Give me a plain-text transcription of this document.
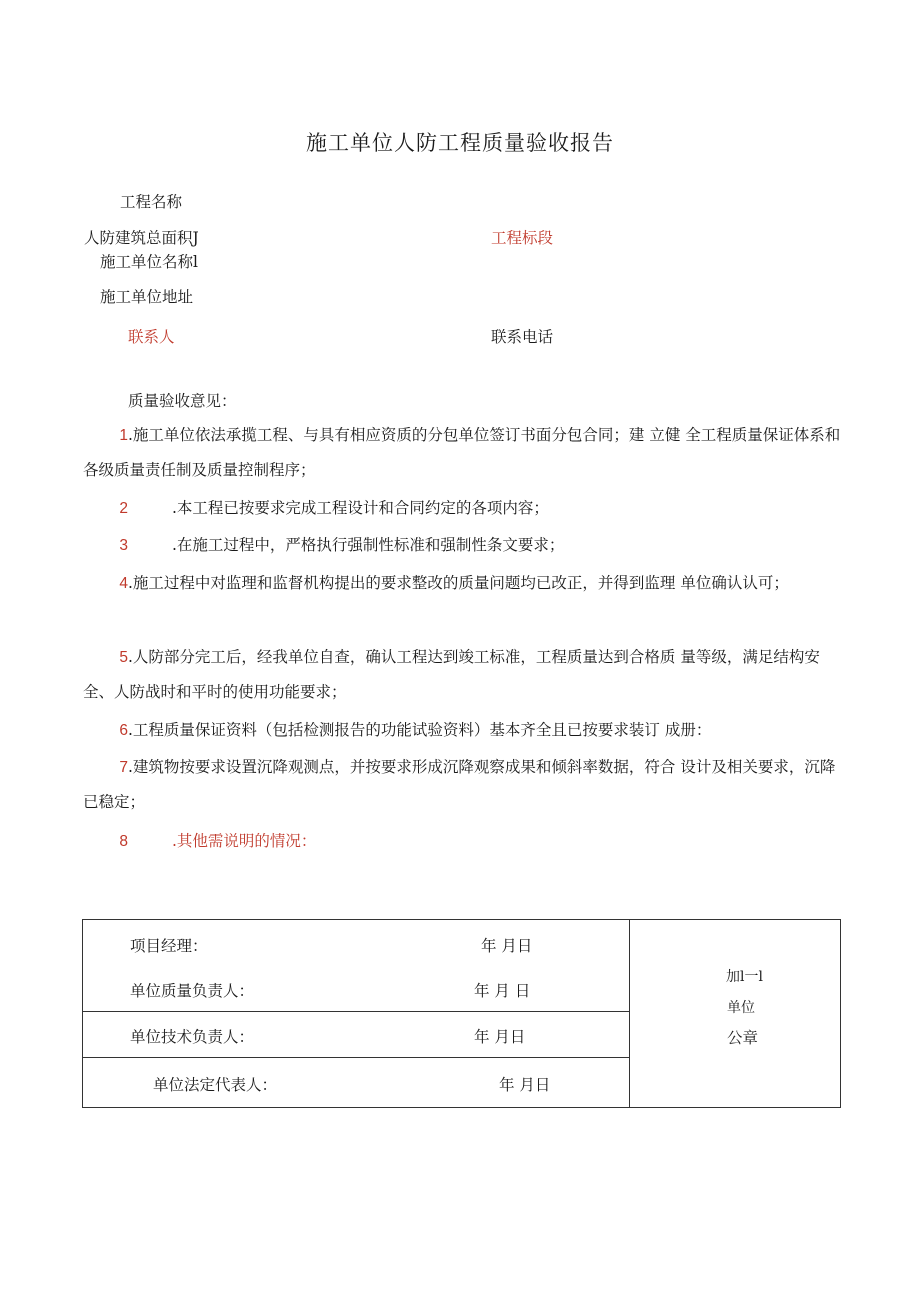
施工单位人防工程质量验收报告
工程名称
人防建筑总面积J	工程标段
施工单位名称l
施工单位地址
联系人	联系电话
质量验收意见：
1.施工单位依法承揽工程、与具有相应资质的分包单位签订书面分包合同；建 立健 全工程质量保证体系和各级质量责任制及质量控制程序；
2	.本工程已按要求完成工程设计和合同约定的各项内容；
3	.在施工过程中，严格执行强制性标准和强制性条文要求；
4.施工过程中对监理和监督机构提出的要求整改的质量问题均已改正，并得到监理 单位确认认可；
5.人防部分完工后，经我单位自查，确认工程达到竣工标准，工程质量达到合格质 量等级，满足结构安全、人防战时和平时的使用功能要求；
6.工程质量保证资料（包括检测报告的功能试验资料）基本齐全且已按要求装订 成册：
7.建筑物按要求设置沉降观测点，并按要求形成沉降观察成果和倾斜率数据，符合 设计及相关要求，沉降已稳定；
8	.其他需说明的情况：
项目经理：	年 月日
单位质量负责人：	年 月 日

加l一l
单位
公章

单位技术负责人：	年 月日

单位法定代表人：	年 月日
